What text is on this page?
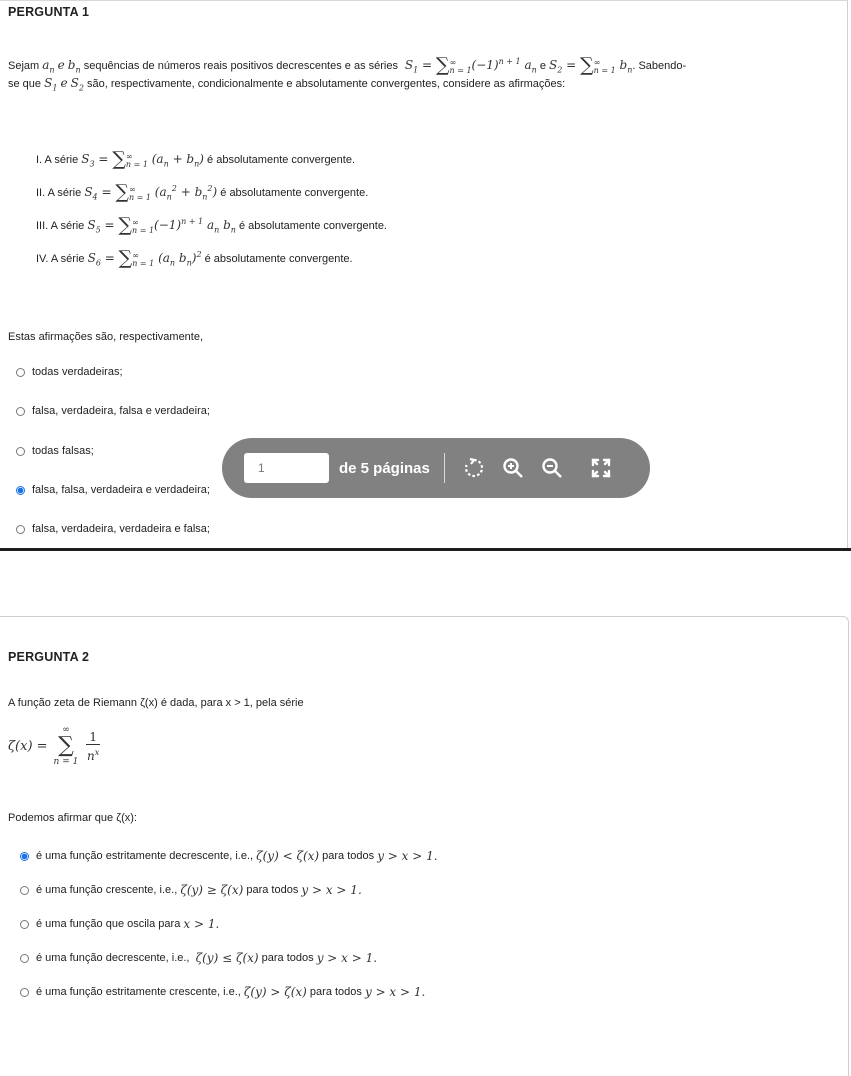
PERGUNTA 1
Sejam $a_n$ e $b_n$ sequências de números reais positivos decrescentes e as séries $S_1$ = ∑∞
$n = 1(-1)^{n + 1}$ $a_n$ e $S_2$ = ∑∞
n = 1 $b_n$. Sabendo-
se que $S_1$ e $S_2$ são, respectivamente, condicionalmente e absolutamente convergentes, considere as afirmações:
I. A série $S_3$ = ∑∞
n = 1 $(a_n + b_n)$ é absolutamente convergente.
II. A série $S_4$ = ∑∞
n = 1 $(a_n^2 + b_n^2)$ é absolutamente convergente.
III. A série $S_5$ = ∑∞
$n = 1(-1)^{n + 1}$ $a_n$ $b_n$ é absolutamente convergente.
IV. A série $S_6$ = ∑∞
n = 1 ($a_n$ $b_n)^2$ é absolutamente convergente.
Estas afirmações são, respectivamente,
todas verdadeiras;
falsa, verdadeira, falsa e verdadeira;
todas falsas;
falsa, falsa, verdadeira e verdadeira;
falsa, verdadeira, verdadeira e falsa;
1	de 5 páginas
PERGUNTA 2
A função zeta de Riemann ζ(x) é dada, para x > 1, pela série
ζ(x) =
∞
∑
n = 1
1
$n^x$
Podemos afirmar que ζ(x):
é uma função estritamente decrescente, i.e.,
ζ(y) < ζ(x)
para todos
y > x > 1.
é uma função crescente, i.e.,
ζ(y) ≥ ζ(x)
para todos
y > x > 1.
é uma função que oscila para
x > 1.
é uma função decrescente, i.e.,
ζ(y) ≤ ζ(x)
para todos
y > x > 1.
é uma função estritamente crescente, i.e.,
ζ(y) > ζ(x)
para todos
y > x > 1.
